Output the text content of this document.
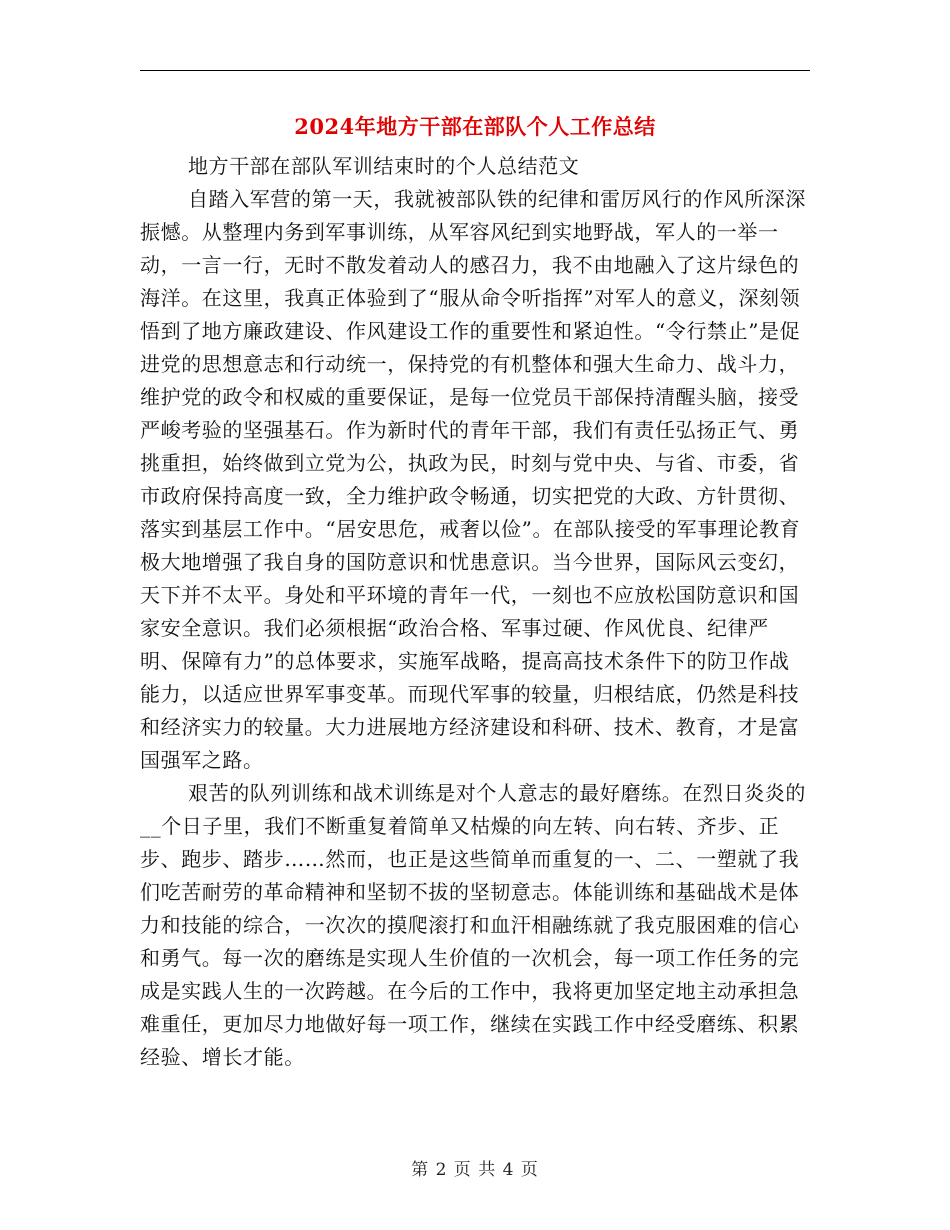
2024年地方干部在部队个人工作总结

地方干部在部队军训结束时的个人总结范文

自踏入军营的第一天，我就被部队铁的纪律和雷厉风行的作风所深深振憾。从整理内务到军事训练，从军容风纪到实地野战，军人的一举一动，一言一行，无时不散发着动人的感召力，我不由地融入了这片绿色的海洋。在这里，我真正体验到了“服从命令听指挥”对军人的意义，深刻领悟到了地方廉政建设、作风建设工作的重要性和紧迫性。“令行禁止”是促进党的思想意志和行动统一，保持党的有机整体和强大生命力、战斗力，维护党的政令和权威的重要保证，是每一位党员干部保持清醒头脑，接受严峻考验的坚强基石。作为新时代的青年干部，我们有责任弘扬正气、勇挑重担，始终做到立党为公，执政为民，时刻与党中央、与省、市委，省市政府保持高度一致，全力维护政令畅通，切实把党的大政、方针贯彻、落实到基层工作中。“居安思危，戒奢以俭”。在部队接受的军事理论教育极大地增强了我自身的国防意识和忧患意识。当今世界，国际风云变幻，天下并不太平。身处和平环境的青年一代，一刻也不应放松国防意识和国家安全意识。我们必须根据“政治合格、军事过硬、作风优良、纪律严明、保障有力”的总体要求，实施军战略，提高高技术条件下的防卫作战能力，以适应世界军事变革。而现代军事的较量，归根结底，仍然是科技和经济实力的较量。大力进展地方经济建设和科研、技术、教育，才是富国强军之路。

艰苦的队列训练和战术训练是对个人意志的最好磨练。在烈日炎炎的__个日子里，我们不断重复着简单又枯燥的向左转、向右转、齐步、正步、跑步、踏步……然而，也正是这些简单而重复的一、二、一塑就了我们吃苦耐劳的革命精神和坚韧不拔的坚韧意志。体能训练和基础战术是体力和技能的综合，一次次的摸爬滚打和血汗相融练就了我克服困难的信心和勇气。每一次的磨练是实现人生价值的一次机会，每一项工作任务的完成是实践人生的一次跨越。在今后的工作中，我将更加坚定地主动承担急难重任，更加尽力地做好每一项工作，继续在实践工作中经受磨练、积累经验、增长才能。

第 2 页 共 4 页
